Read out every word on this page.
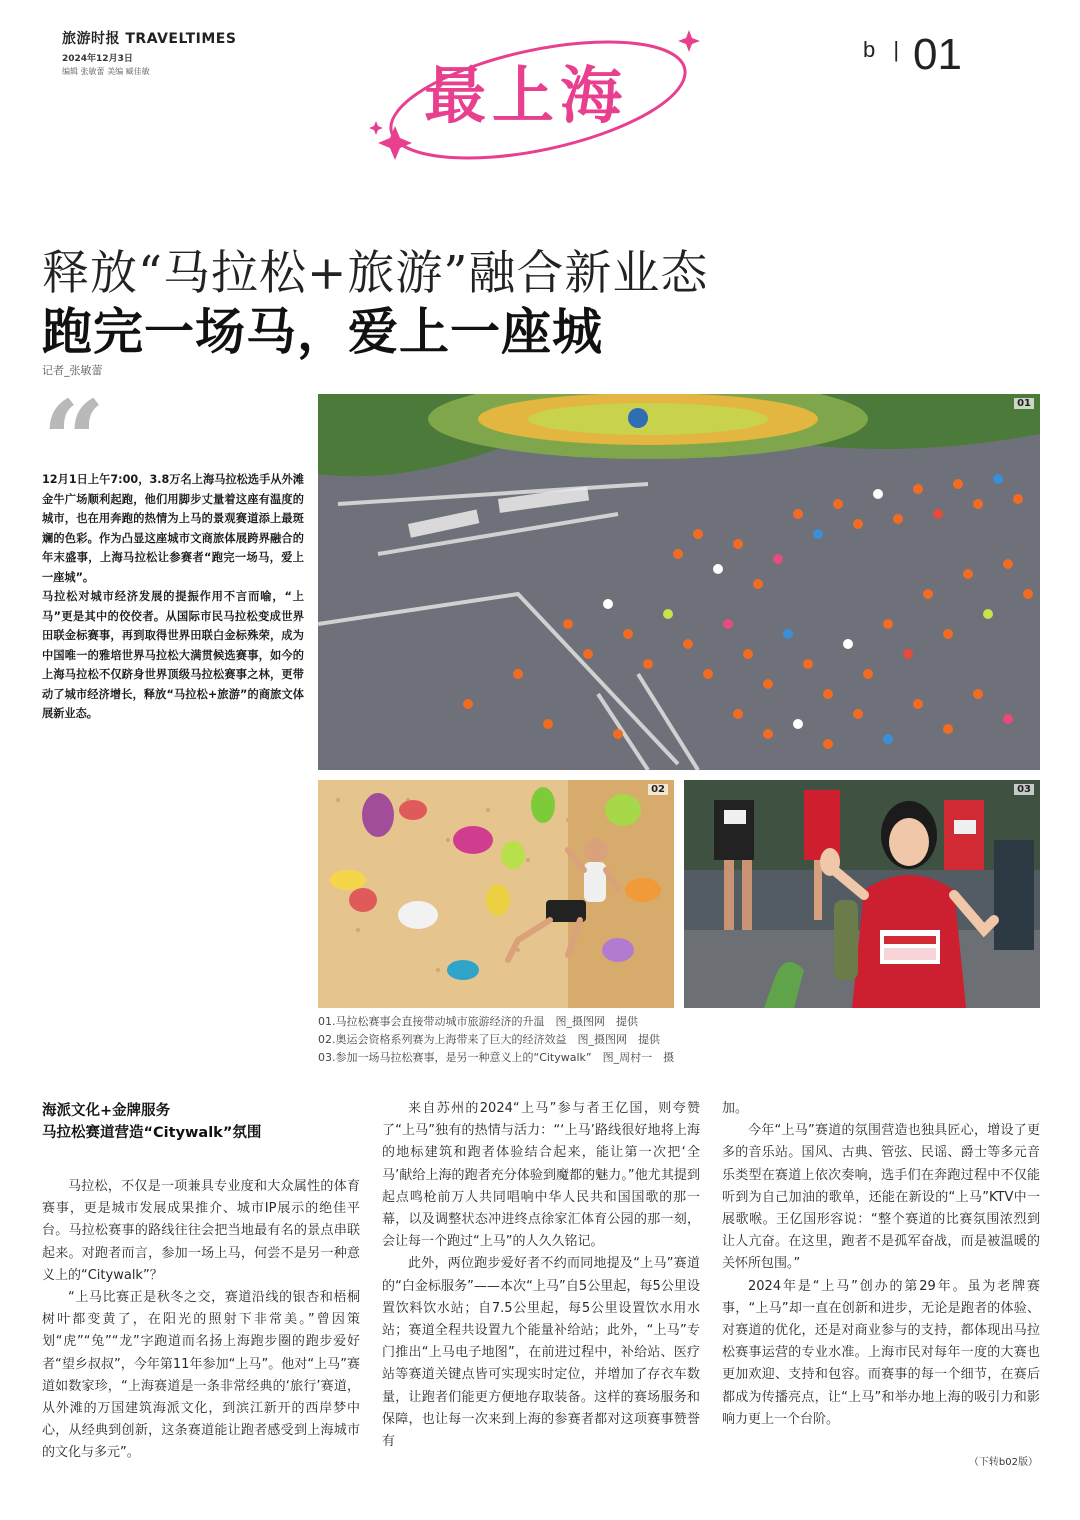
旅游时报 TRAVELTIMES
2024年12月3日
编辑 张敏蕾 美编 臧佳敏	最上海
$^{b |}$ 01
释放“马拉松+旅游”融合新业态
跑完一场马，爱上一座城
记者_张敏蕾
“

12月1日上午7:00，3.8万名上海马拉松选手从外滩金牛广场顺利起跑，他们用脚步丈量着这座有温度的城市，也在用奔跑的热情为上马的景观赛道添上最斑斓的色彩。作为凸显这座城市文商旅体展跨界融合的年末盛事，上海马拉松让参赛者“跑完一场马，爱上一座城”。

马拉松对城市经济发展的提振作用不言而喻，“上马”更是其中的佼佼者。从国际市民马拉松变成世界田联金标赛事，再到取得世界田联白金标殊荣，成为中国唯一的雅培世界马拉松大满贯候选赛事，如今的上海马拉松不仅跻身世界顶级马拉松赛事之林，更带动了城市经济增长，释放“马拉松+旅游”的商旅文体展新业态。

01
02	03
01.马拉松赛事会直接带动城市旅游经济的升温　图_摄图网　提供
02.奥运会资格系列赛为上海带来了巨大的经济效益　图_摄图网　提供
03.参加一场马拉松赛事，是另一种意义上的“Citywalk”　图_周村一　摄
海派文化+金牌服务
马拉松赛道营造“Citywalk”氛围

马拉松，不仅是一项兼具专业度和大众属性的体育赛事，更是城市发展成果推介、城市IP展示的绝佳平台。马拉松赛事的路线往往会把当地最有名的景点串联起来。对跑者而言，参加一场上马，何尝不是另一种意义上的“Citywalk”？

“上马比赛正是秋冬之交，赛道沿线的银杏和梧桐树叶都变黄了，在阳光的照射下非常美。”曾因策划“虎”“兔”“龙”字跑道而名扬上海跑步圈的跑步爱好者“望乡叔叔”，今年第11年参加“上马”。他对“上马”赛道如数家珍，“上海赛道是一条非常经典的‘旅行’赛道，从外滩的万国建筑海派文化，到滨江新开的西岸梦中心，从经典到创新，这条赛道能让跑者感受到上海城市的文化与多元”。

来自苏州的2024“上马”参与者王亿国，则夸赞了“上马”独有的热情与活力：“‘上马’路线很好地将上海的地标建筑和跑者体验结合起来，能让第一次把‘全马’献给上海的跑者充分体验到魔都的魅力。”他尤其提到起点鸣枪前万人共同唱响中华人民共和国国歌的那一幕，以及调整状态冲进终点徐家汇体育公园的那一刻，会让每一个跑过“上马”的人久久铭记。

此外，两位跑步爱好者不约而同地提及“上马”赛道的“白金标服务”——本次“上马”自5公里起，每5公里设置饮料饮水站；自7.5公里起，每5公里设置饮水用水站；赛道全程共设置九个能量补给站；此外，“上马”专门推出“上马电子地图”，在前进过程中，补给站、医疗站等赛道关键点皆可实现实时定位，并增加了存衣车数量，让跑者们能更方便地存取装备。这样的赛场服务和保障，也让每一次来到上海的参赛者都对这项赛事赞誉有

加。

今年“上马”赛道的氛围营造也独具匠心，增设了更多的音乐站。国风、古典、管弦、民谣、爵士等多元音乐类型在赛道上依次奏响，选手们在奔跑过程中不仅能听到为自己加油的歌单，还能在新设的“上马”KTV中一展歌喉。王亿国形容说：“整个赛道的比赛氛围浓烈到让人亢奋。在这里，跑者不是孤军奋战，而是被温暖的关怀所包围。”

2024年是“上马”创办的第29年。虽为老牌赛事，“上马”却一直在创新和进步，无论是跑者的体验、对赛道的优化，还是对商业参与的支持，都体现出马拉松赛事运营的专业水准。上海市民对每年一度的大赛也更加欢迎、支持和包容。而赛事的每一个细节，在赛后都成为传播亮点，让“上马”和举办地上海的吸引力和影响力更上一个台阶。

（下转b02版）
